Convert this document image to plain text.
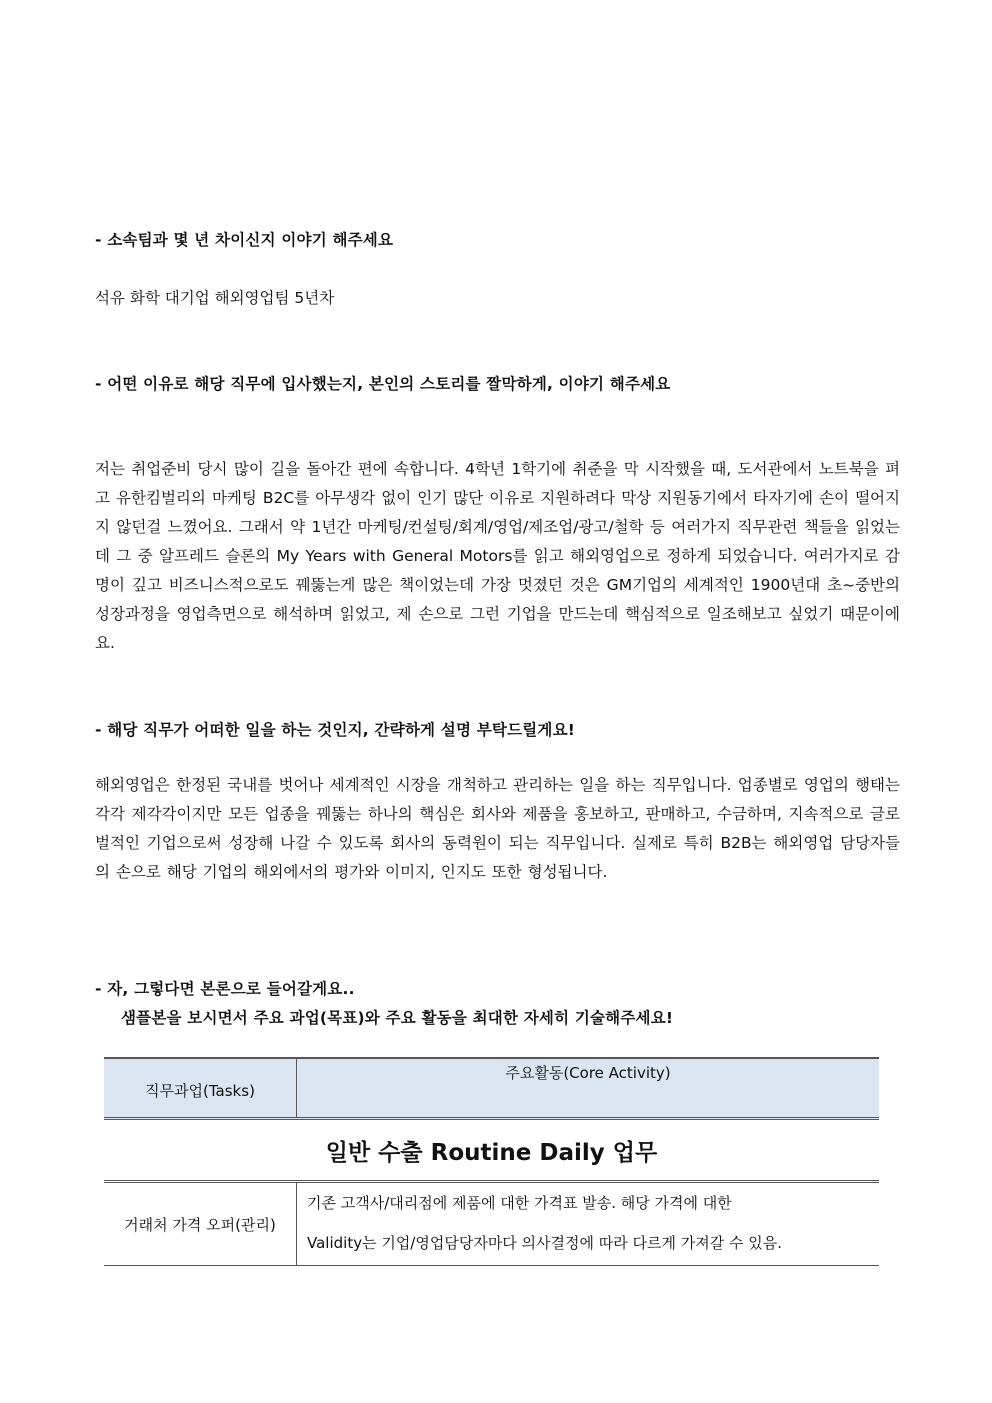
- 소속팀과 몇 년 차이신지 이야기 해주세요
석유 화학 대기업 해외영업팀 5년차
- 어떤 이유로 해당 직무에 입사했는지, 본인의 스토리를 짤막하게, 이야기 해주세요
저는 취업준비 당시 많이 길을 돌아간 편에 속합니다. 4학년 1학기에 취준을 막 시작했을 때, 도서관에서 노트북을 펴고 유한킴벌리의 마케팅 B2C를 아무생각 없이 인기 많단 이유로 지원하려다 막상 지원동기에서 타자기에 손이 떨어지지 않던걸 느꼈어요. 그래서 약 1년간 마케팅/컨설팅/회계/영업/제조업/광고/철학 등 여러가지 직무관련 책들을 읽었는데 그 중 알프레드 슬론의 My Years with General Motors를 읽고 해외영업으로 정하게 되었습니다. 여러가지로 감명이 깊고 비즈니스적으로도 꿰뚫는게 많은 책이었는데 가장 멋졌던 것은 GM기업의 세계적인 1900년대 초~중반의 성장과정을 영업측면으로 해석하며 읽었고, 제 손으로 그런 기업을 만드는데 핵심적으로 일조해보고 싶었기 때문이에요.
- 해당 직무가 어떠한 일을 하는 것인지, 간략하게 설명 부탁드릴게요!
해외영업은 한정된 국내를 벗어나 세계적인 시장을 개척하고 관리하는 일을 하는 직무입니다. 업종별로 영업의 행태는 각각 제각각이지만 모든 업종을 꿰뚫는 하나의 핵심은 회사와 제품을 홍보하고, 판매하고, 수금하며, 지속적으로 글로벌적인 기업으로써 성장해 나갈 수 있도록 회사의 동력원이 되는 직무입니다. 실제로 특히 B2B는 해외영업 담당자들의 손으로 해당 기업의 해외에서의 평가와 이미지, 인지도 또한 형성됩니다.
- 자, 그렇다면 본론으로 들어갈게요..
샘플본을 보시면서 주요 과업(목표)와 주요 활동을 최대한 자세히 기술해주세요!
직무과업(Tasks)	주요활동(Core Activity)
일반 수출 Routine Daily 업무	
거래처 가격 오퍼(관리)	기존 고객사/대리점에 제품에 대한 가격표 발송. 해당 가격에 대한
Validity는 기업/영업담당자마다 의사결정에 따라 다르게 가져갈 수 있음.
